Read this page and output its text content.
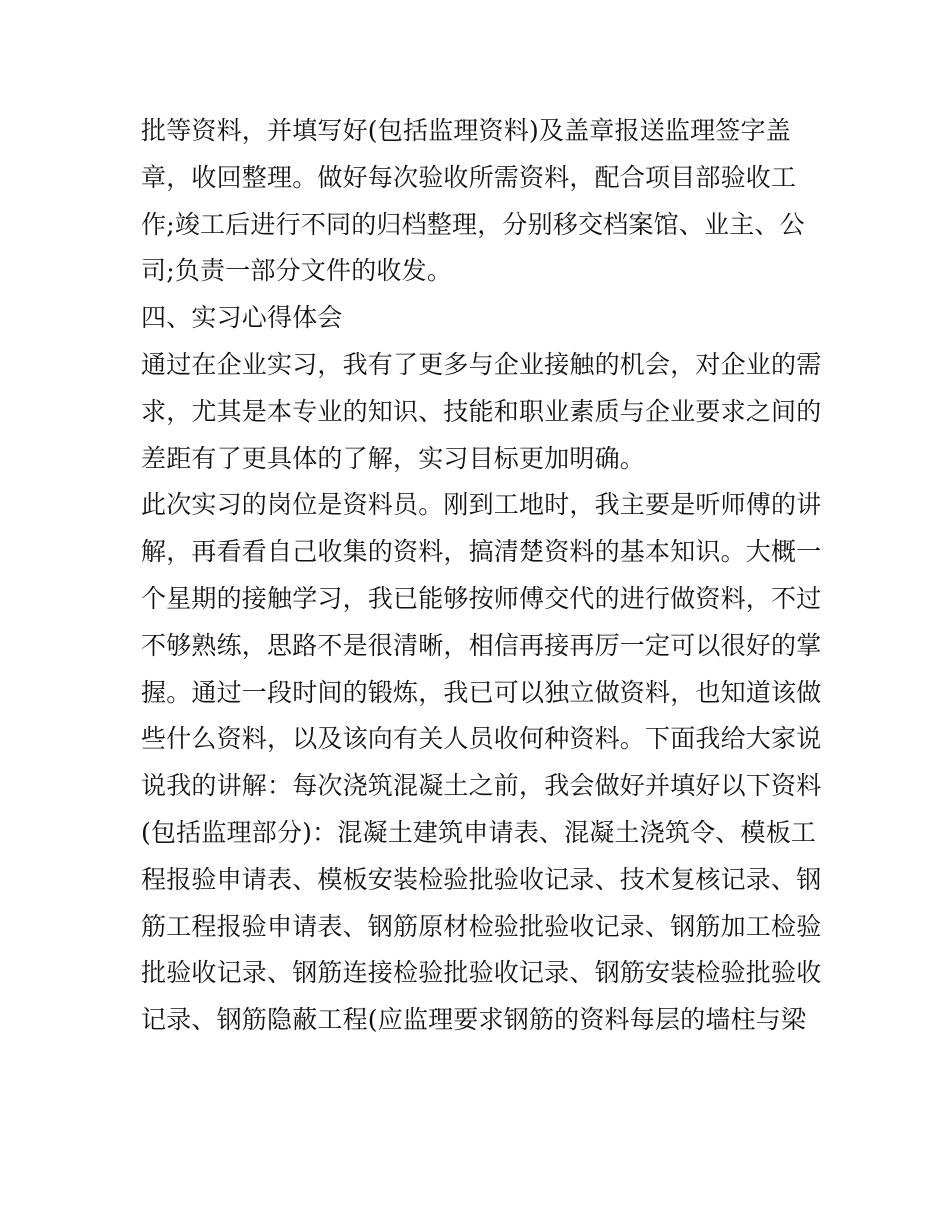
批等资料，并填写好(包括监理资料)及盖章报送监理签字盖

章，收回整理。做好每次验收所需资料，配合项目部验收工

作;竣工后进行不同的归档整理，分别移交档案馆、业主、公

司;负责一部分文件的收发。

四、实习心得体会

通过在企业实习，我有了更多与企业接触的机会，对企业的需

求，尤其是本专业的知识、技能和职业素质与企业要求之间的

差距有了更具体的了解，实习目标更加明确。

此次实习的岗位是资料员。刚到工地时，我主要是听师傅的讲

解，再看看自己收集的资料，搞清楚资料的基本知识。大概一

个星期的接触学习，我已能够按师傅交代的进行做资料，不过

不够熟练，思路不是很清晰，相信再接再厉一定可以很好的掌

握。通过一段时间的锻炼，我已可以独立做资料，也知道该做

些什么资料，以及该向有关人员收何种资料。下面我给大家说

说我的讲解：每次浇筑混凝土之前，我会做好并填好以下资料

(包括监理部分)：混凝土建筑申请表、混凝土浇筑令、模板工

程报验申请表、模板安装检验批验收记录、技术复核记录、钢

筋工程报验申请表、钢筋原材检验批验收记录、钢筋加工检验

批验收记录、钢筋连接检验批验收记录、钢筋安装检验批验收

记录、钢筋隐蔽工程(应监理要求钢筋的资料每层的墙柱与梁
